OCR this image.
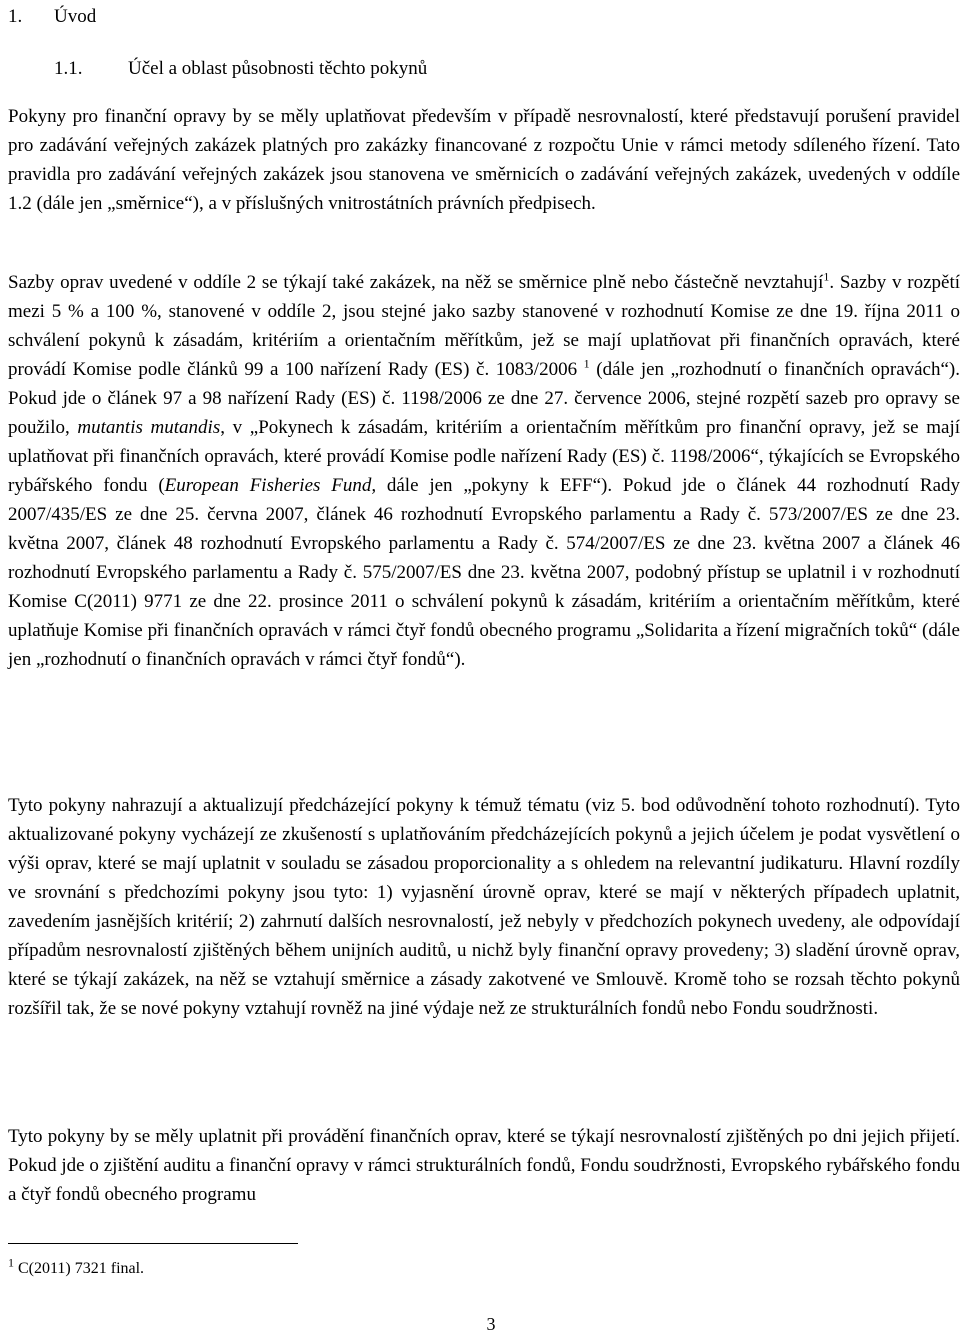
1. Úvod
1.1. Účel a oblast působnosti těchto pokynů

Pokyny pro finanční opravy by se měly uplatňovat především v případě nesrovnalostí, které představují porušení pravidel pro zadávání veřejných zakázek platných pro zakázky financované z rozpočtu Unie v rámci metody sdíleného řízení. Tato pravidla pro zadávání veřejných zakázek jsou stanovena ve směrnicích o zadávání veřejných zakázek, uvedených v oddíle 1.2 (dále jen „směrnice“), a v příslušných vnitrostátních právních předpisech.

Sazby oprav uvedené v oddíle 2 se týkají také zakázek, na něž se směrnice plně nebo částečně nevztahují$^1$. Sazby v rozpětí mezi 5 % a 100 %, stanovené v oddíle 2, jsou stejné jako sazby stanovené v rozhodnutí Komise ze dne 19. října 2011 o schválení pokynů k zásadám, kritériím a orientačním měřítkům, jež se mají uplatňovat při finančních opravách, které provádí Komise podle článků 99 a 100 nařízení Rady (ES) č. 1083/2006 $^1$ (dále jen „rozhodnutí o finančních opravách“). Pokud jde o článek 97 a 98 nařízení Rady (ES) č. 1198/2006 ze dne 27. července 2006, stejné rozpětí sazeb pro opravy se použilo, mutantis mutandis, v „Pokynech k zásadám, kritériím a orientačním měřítkům pro finanční opravy, jež se mají uplatňovat při finančních opravách, které provádí Komise podle nařízení Rady (ES) č. 1198/2006“, týkajících se Evropského rybářského fondu (European Fisheries Fund, dále jen „pokyny k EFF“). Pokud jde o článek 44 rozhodnutí Rady 2007/435/ES ze dne 25. června 2007, článek 46 rozhodnutí Evropského parlamentu a Rady č. 573/2007/ES ze dne 23. května 2007, článek 48 rozhodnutí Evropského parlamentu a Rady č. 574/2007/ES ze dne 23. května 2007 a článek 46 rozhodnutí Evropského parlamentu a Rady č. 575/2007/ES dne 23. května 2007, podobný přístup se uplatnil i v rozhodnutí Komise C(2011) 9771 ze dne 22. prosince 2011 o schválení pokynů k zásadám, kritériím a orientačním měřítkům, které uplatňuje Komise při finančních opravách v rámci čtyř fondů obecného programu „Solidarita a řízení migračních toků“ (dále jen „rozhodnutí o finančních opravách v rámci čtyř fondů“).

Tyto pokyny nahrazují a aktualizují předcházející pokyny k témuž tématu (viz 5. bod odůvodnění tohoto rozhodnutí). Tyto aktualizované pokyny vycházejí ze zkušeností s uplatňováním předcházejících pokynů a jejich účelem je podat vysvětlení o výši oprav, které se mají uplatnit v souladu se zásadou proporcionality a s ohledem na relevantní judikaturu. Hlavní rozdíly ve srovnání s předchozími pokyny jsou tyto: 1) vyjasnění úrovně oprav, které se mají v některých případech uplatnit, zavedením jasnějších kritérií; 2) zahrnutí dalších nesrovnalostí, jež nebyly v předchozích pokynech uvedeny, ale odpovídají případům nesrovnalostí zjištěných během unijních auditů, u nichž byly finanční opravy provedeny; 3) sladění úrovně oprav, které se týkají zakázek, na něž se vztahují směrnice a zásady zakotvené ve Smlouvě. Kromě toho se rozsah těchto pokynů rozšířil tak, že se nové pokyny vztahují rovněž na jiné výdaje než ze strukturálních fondů nebo Fondu soudržnosti.

Tyto pokyny by se měly uplatnit při provádění finančních oprav, které se týkají nesrovnalostí zjištěných po dni jejich přijetí. Pokud jde o zjištění auditu a finanční opravy v rámci strukturálních fondů, Fondu soudržnosti, Evropského rybářského fondu a čtyř fondů obecného programu

$^1$ C(2011) 7321 final.
3
